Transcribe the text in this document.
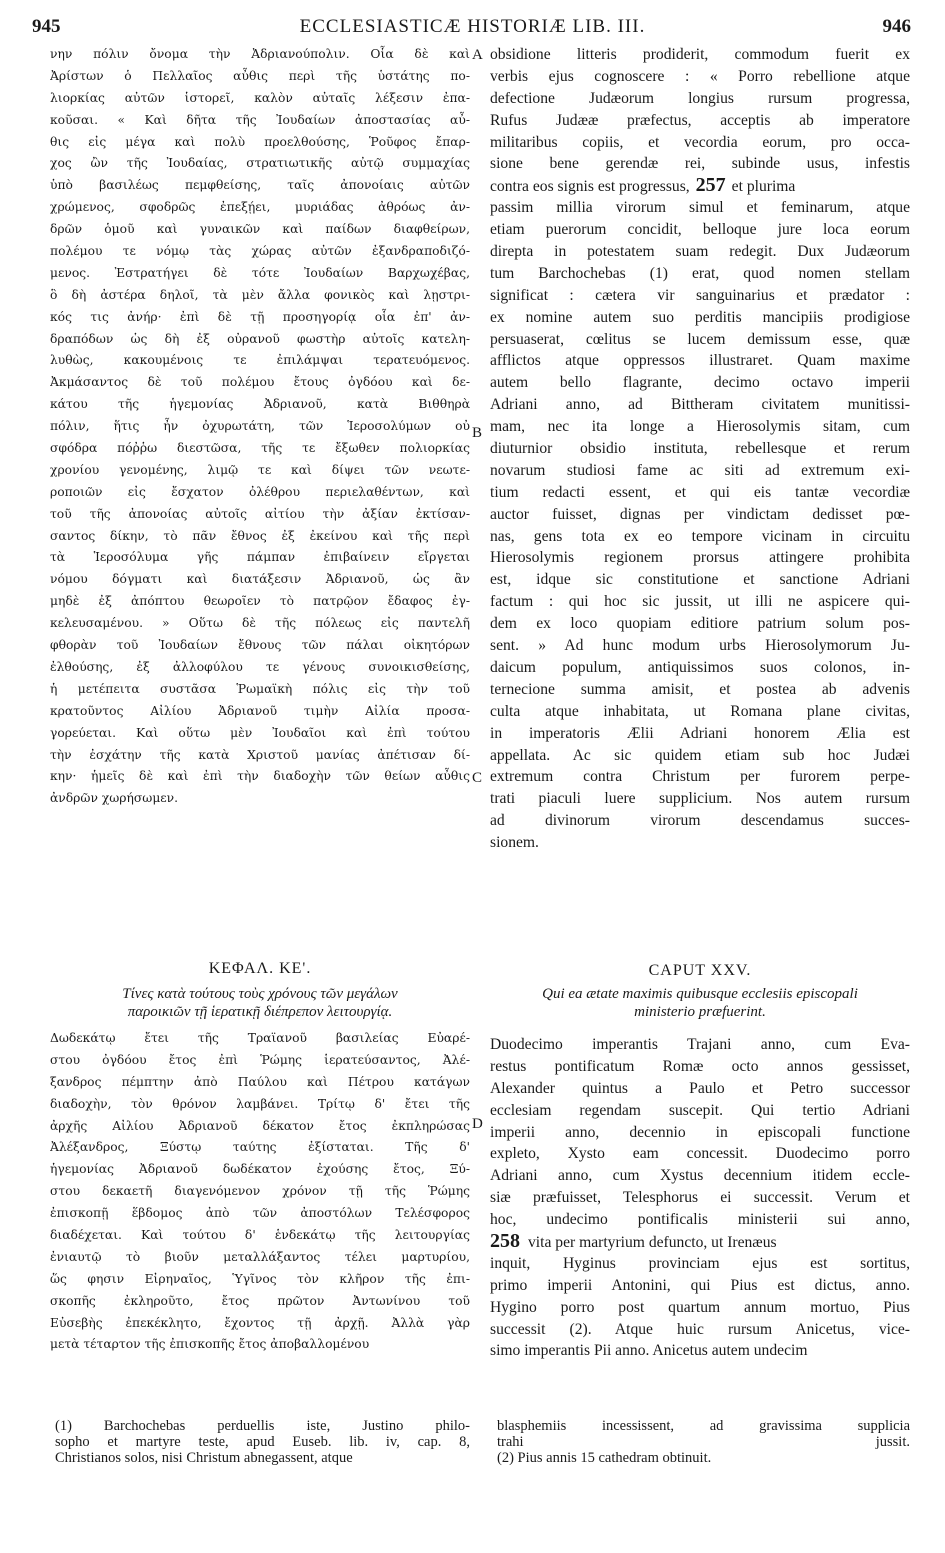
945	ECCLESIASTICÆ HISTORIÆ LIB. III.	946
A
B
C
D
νην πόλιν ὄνομα τὴν Ἀδριανούπολιν. Οἷα δὲ καὶ
Ἀρίστων ὁ Πελλαῖος αὖθις περὶ τῆς ὑστάτης πο-
λιορκίας αὐτῶν ἱστορεῖ, καλὸν αὐταῖς λέξεσιν ἐπα-
κοῦσαι. « Καὶ δῆτα τῆς Ἰουδαίων ἀποστασίας αὖ-
θις εἰς μέγα καὶ πολὺ προελθούσης, Ῥοῦφος ἔπαρ-
χος ὢν τῆς Ἰουδαίας, στρατιωτικῆς αὐτῷ συμμαχίας
ὑπὸ βασιλέως πεμφθείσης, ταῖς ἀπονοίαις αὐτῶν
χρώμενος, σφοδρῶς ἐπεξῄει, μυριάδας ἀθρόως ἀν-
δρῶν ὁμοῦ καὶ γυναικῶν καὶ παίδων διαφθείρων,
πολέμου τε νόμῳ τὰς χώρας αὐτῶν ἐξανδραποδιζό-
μενος. Ἐστρατήγει δὲ τότε Ἰουδαίων Βαρχωχέβας,
ὃ δὴ ἀστέρα δηλοῖ, τὰ μὲν ἄλλα φονικὸς καὶ λῃστρι-
κός τις ἀνήρ· ἐπὶ δὲ τῇ προσηγορίᾳ οἷα ἐπ' ἀν-
δραπόδων ὡς δὴ ἐξ οὐρανοῦ φωστὴρ αὐτοῖς κατελη-
λυθὼς, κακουμένοις τε ἐπιλάμψαι τερατευόμενος.
Ἀκμάσαντος δὲ τοῦ πολέμου ἔτους ὀγδόου καὶ δε-
κάτου τῆς ἡγεμονίας Ἀδριανοῦ, κατὰ Βιθθηρὰ
πόλιν, ἥτις ἦν ὀχυρωτάτη, τῶν Ἱεροσολύμων οὐ
σφόδρα πόῤῥω διεστῶσα, τῆς τε ἔξωθεν πολιορκίας
χρονίου γενομένης, λιμῷ τε καὶ δίψει τῶν νεωτε-
ροποιῶν εἰς ἔσχατον ὀλέθρου περιελαθέντων, καὶ
τοῦ τῆς ἀπονοίας αὐτοῖς αἰτίου τὴν ἀξίαν ἐκτίσαν-
σαντος δίκην, τὸ πᾶν ἔθνος ἐξ ἐκείνου καὶ τῆς περὶ
τὰ Ἱεροσόλυμα γῆς πάμπαν ἐπιβαίνειν εἴργεται
νόμου δόγματι καὶ διατάξεσιν Ἀδριανοῦ, ὡς ἂν
μηδὲ ἐξ ἀπόπτου θεωροῖεν τὸ πατρῷον ἔδαφος ἐγ-
κελευσαμένου. » Οὕτω δὲ τῆς πόλεως εἰς παντελῆ
φθορὰν τοῦ Ἰουδαίων ἔθνους τῶν πάλαι οἰκητόρων
ἐλθούσης, ἐξ ἀλλοφύλου τε γένους συνοικισθείσης,
ἡ μετέπειτα συστᾶσα Ῥωμαϊκὴ πόλις εἰς τὴν τοῦ
κρατοῦντος Αἰλίου Ἀδριανοῦ τιμὴν Αἰλία προσα-
γορεύεται. Καὶ οὕτω μὲν Ἰουδαῖοι καὶ ἐπὶ τούτου
τὴν ἐσχάτην τῆς κατὰ Χριστοῦ μανίας ἀπέτισαν δί-
κην· ἡμεῖς δὲ καὶ ἐπὶ τὴν διαδοχὴν τῶν θείων αὖθις
ἀνδρῶν χωρήσωμεν.
obsidione litteris prodiderit, commodum fuerit ex
verbis ejus cognoscere : « Porro rebellione atque
defectione Judæorum longius rursum progressa,
Rufus Judææ præfectus, acceptis ab imperatore
militaribus copiis, et vecordia eorum, pro occa-
sione bene gerendæ rei, subinde usus, infestis
contra eos signis est progressus, 257 et plurima
passim millia virorum simul et feminarum, atque
etiam puerorum concidit, belloque jure loca eorum
direpta in potestatem suam redegit. Dux Judæorum
tum Barchochebas (1) erat, quod nomen stellam
significat : cætera vir sanguinarius et prædator :
ex nomine autem suo perditis mancipiis prodigiose
persuaserat, cœlitus se lucem demissum esse, quæ
afflictos atque oppressos illustraret. Quam maxime
autem bello flagrante, decimo octavo imperii
Adriani anno, ad Bittheram civitatem munitissi-
mam, nec ita longe a Hierosolymis sitam, cum
diuturnior obsidio instituta, rebellesque et rerum
novarum studiosi fame ac siti ad extremum exi-
tium redacti essent, et qui eis tantæ vecordiæ
auctor fuisset, dignas per vindictam dedisset pœ-
nas, gens tota ex eo tempore vicinam in circuitu
Hierosolymis regionem prorsus attingere prohibita
est, idque sic constitutione et sanctione Adriani
factum : qui hoc sic jussit, ut illi ne aspicere qui-
dem ex loco quopiam editiore patrium solum pos-
sent. » Ad hunc modum urbs Hierosolymorum Ju-
daicum populum, antiquissimos suos colonos, in-
ternecione summa amisit, et postea ab advenis
culta atque inhabitata, ut Romana plane civitas,
in imperatoris Ælii Adriani honorem Ælia est
appellata. Ac sic quidem etiam sub hoc Judæi
extremum contra Christum per furorem perpe-
trati piaculi luere supplicium. Nos autem rursum
ad divinorum virorum descendamus succes-
sionem.
ΚΕΦΑΛ. ΚΕ'.
Τίνες κατὰ τούτους τοὺς χρόνους τῶν μεγάλων
παροικιῶν τῇ ἱερατικῇ διέπρεπον λειτουργίᾳ.
CAPUT XXV.
Qui ea ætate maximis quibusque ecclesiis episcopali
ministerio præfuerint.
Δωδεκάτῳ ἔτει τῆς Τραϊανοῦ βασιλείας Εὐαρέ-
στου ὀγδόου ἔτος ἐπὶ Ῥώμης ἱερατεύσαντος, Ἀλέ-
ξανδρος πέμπτην ἀπὸ Παύλου καὶ Πέτρου κατάγων
διαδοχὴν, τὸν θρόνον λαμβάνει. Τρίτῳ δ' ἔτει τῆς
ἀρχῆς Αἰλίου Ἀδριανοῦ δέκατον ἔτος ἐκπληρώσας
Ἀλέξανδρος, Ξύστῳ ταύτης ἐξίσταται. Τῆς δ'
ἡγεμονίας Ἀδριανοῦ δωδέκατον ἐχούσης ἔτος, Ξύ-
στου δεκαετῆ διαγενόμενον χρόνον τῇ τῆς Ῥώμης
ἐπισκοπῇ ἕβδομος ἀπὸ τῶν ἀποστόλων Τελέσφορος
διαδέχεται. Καὶ τούτου δ' ἑνδεκάτῳ τῆς λειτουργίας
ἐνιαυτῷ τὸ βιοῦν μεταλλάξαντος τέλει μαρτυρίου,
ὥς φησιν Εἰρηναῖος, Ὑγῖνος τὸν κλῆρον τῆς ἐπι-
σκοπῆς ἐκληροῦτο, ἔτος πρῶτον Ἀντωνίνου τοῦ
Εὐσεβὴς ἐπεκέκλητο, ἔχοντος τῇ ἀρχῇ. Ἀλλὰ γὰρ
μετὰ τέταρτον τῆς ἐπισκοπῆς ἔτος ἀποβαλλομένου
Duodecimo imperantis Trajani anno, cum Eva-
restus pontificatum Romæ octo annos gessisset,
Alexander quintus a Paulo et Petro successor
ecclesiam regendam suscepit. Qui tertio Adriani
imperii anno, decennio in episcopali functione
expleto, Xysto eam concessit. Duodecimo porro
Adriani anno, cum Xystus decennium itidem eccle-
siæ præfuisset, Telesphorus ei successit. Verum et
hoc, undecimo pontificalis ministerii sui anno,
258 vita per martyrium defuncto, ut Irenæus
inquit, Hyginus provinciam ejus est sortitus,
primo imperii Antonini, qui Pius est dictus, anno.
Hygino porro post quartum annum mortuo, Pius
successit (2). Atque huic rursum Anicetus, vice-
simo imperantis Pii anno. Anicetus autem undecim
(1) Barchochebas perduellis iste, Justino philo-
sopho et martyre teste, apud Euseb. lib. iv, cap. 8,
Christianos solos, nisi Christum abnegassent, atque
blasphemiis incessissent, ad gravissima supplicia
trahi jussit.
(2) Pius annis 15 cathedram obtinuit.
